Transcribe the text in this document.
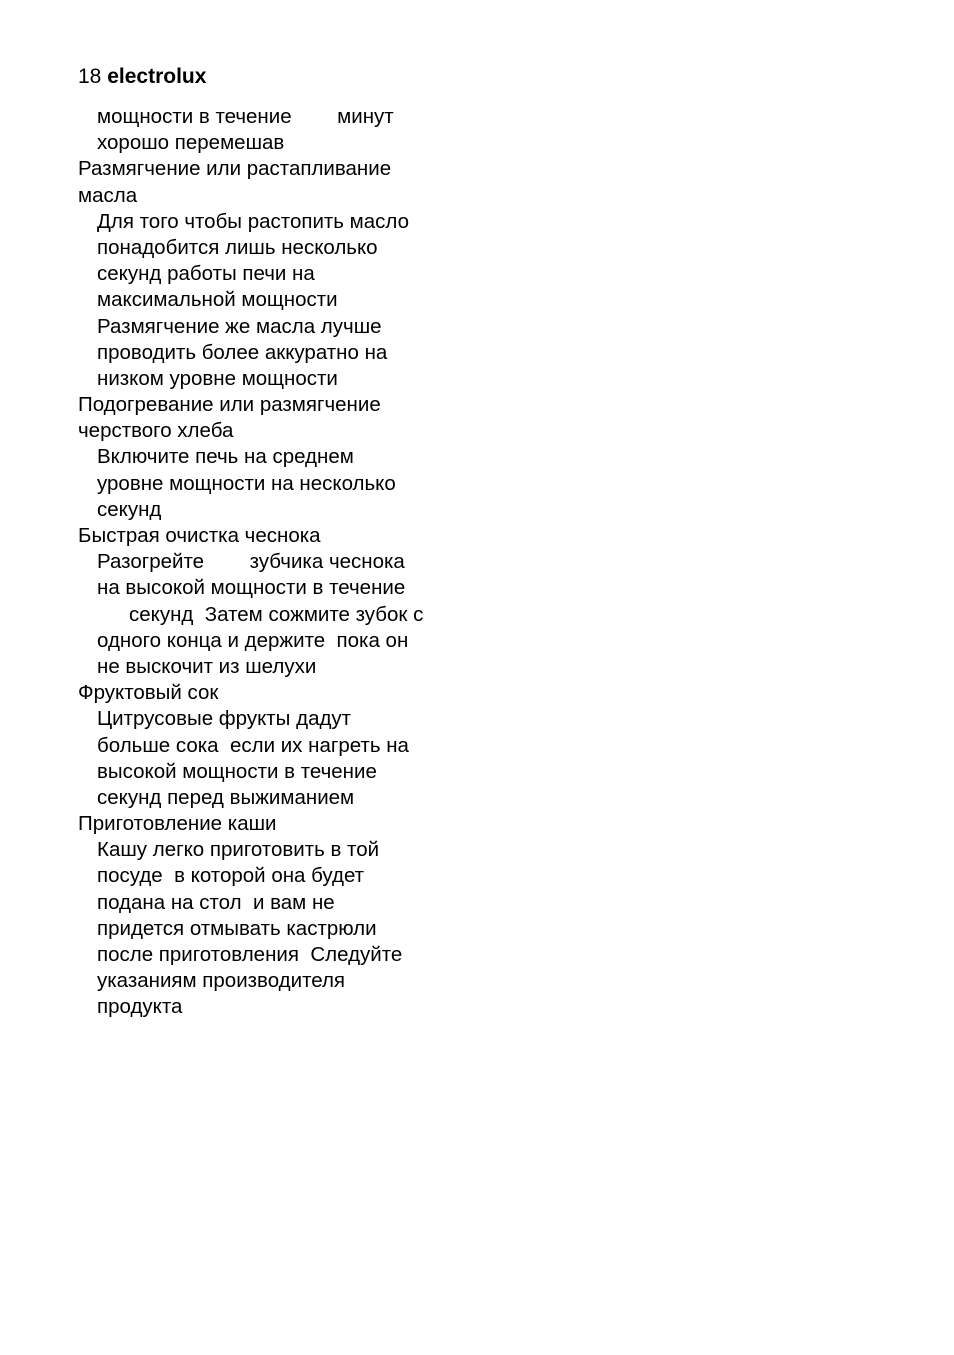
18 electrolux
мощности в течение        минут
хорошо перемешав
Размягчение или растапливание
масла
Для того чтобы растопить масло
понадобится лишь несколько
секунд работы печи на
максимальной мощности
Размягчение же масла лучше
проводить более аккуратно на
низком уровне мощности
Подогревание или размягчение
черствого хлеба
Включите печь на среднем
уровне мощности на несколько
секунд
Быстрая очистка чеснока
Разогрейте        зубчика чеснока
на высокой мощности в течение
секунд  Затем сожмите зубок с
одного конца и держите  пока он
не выскочит из шелухи
Фруктовый сок
Цитрусовые фрукты дадут
больше сока  если их нагреть на
высокой мощности в течение
секунд перед выжиманием
Приготовление каши
Кашу легко приготовить в той
посуде  в которой она будет
подана на стол  и вам не
придется отмывать кастрюли
после приготовления  Следуйте
указаниям производителя
продукта
